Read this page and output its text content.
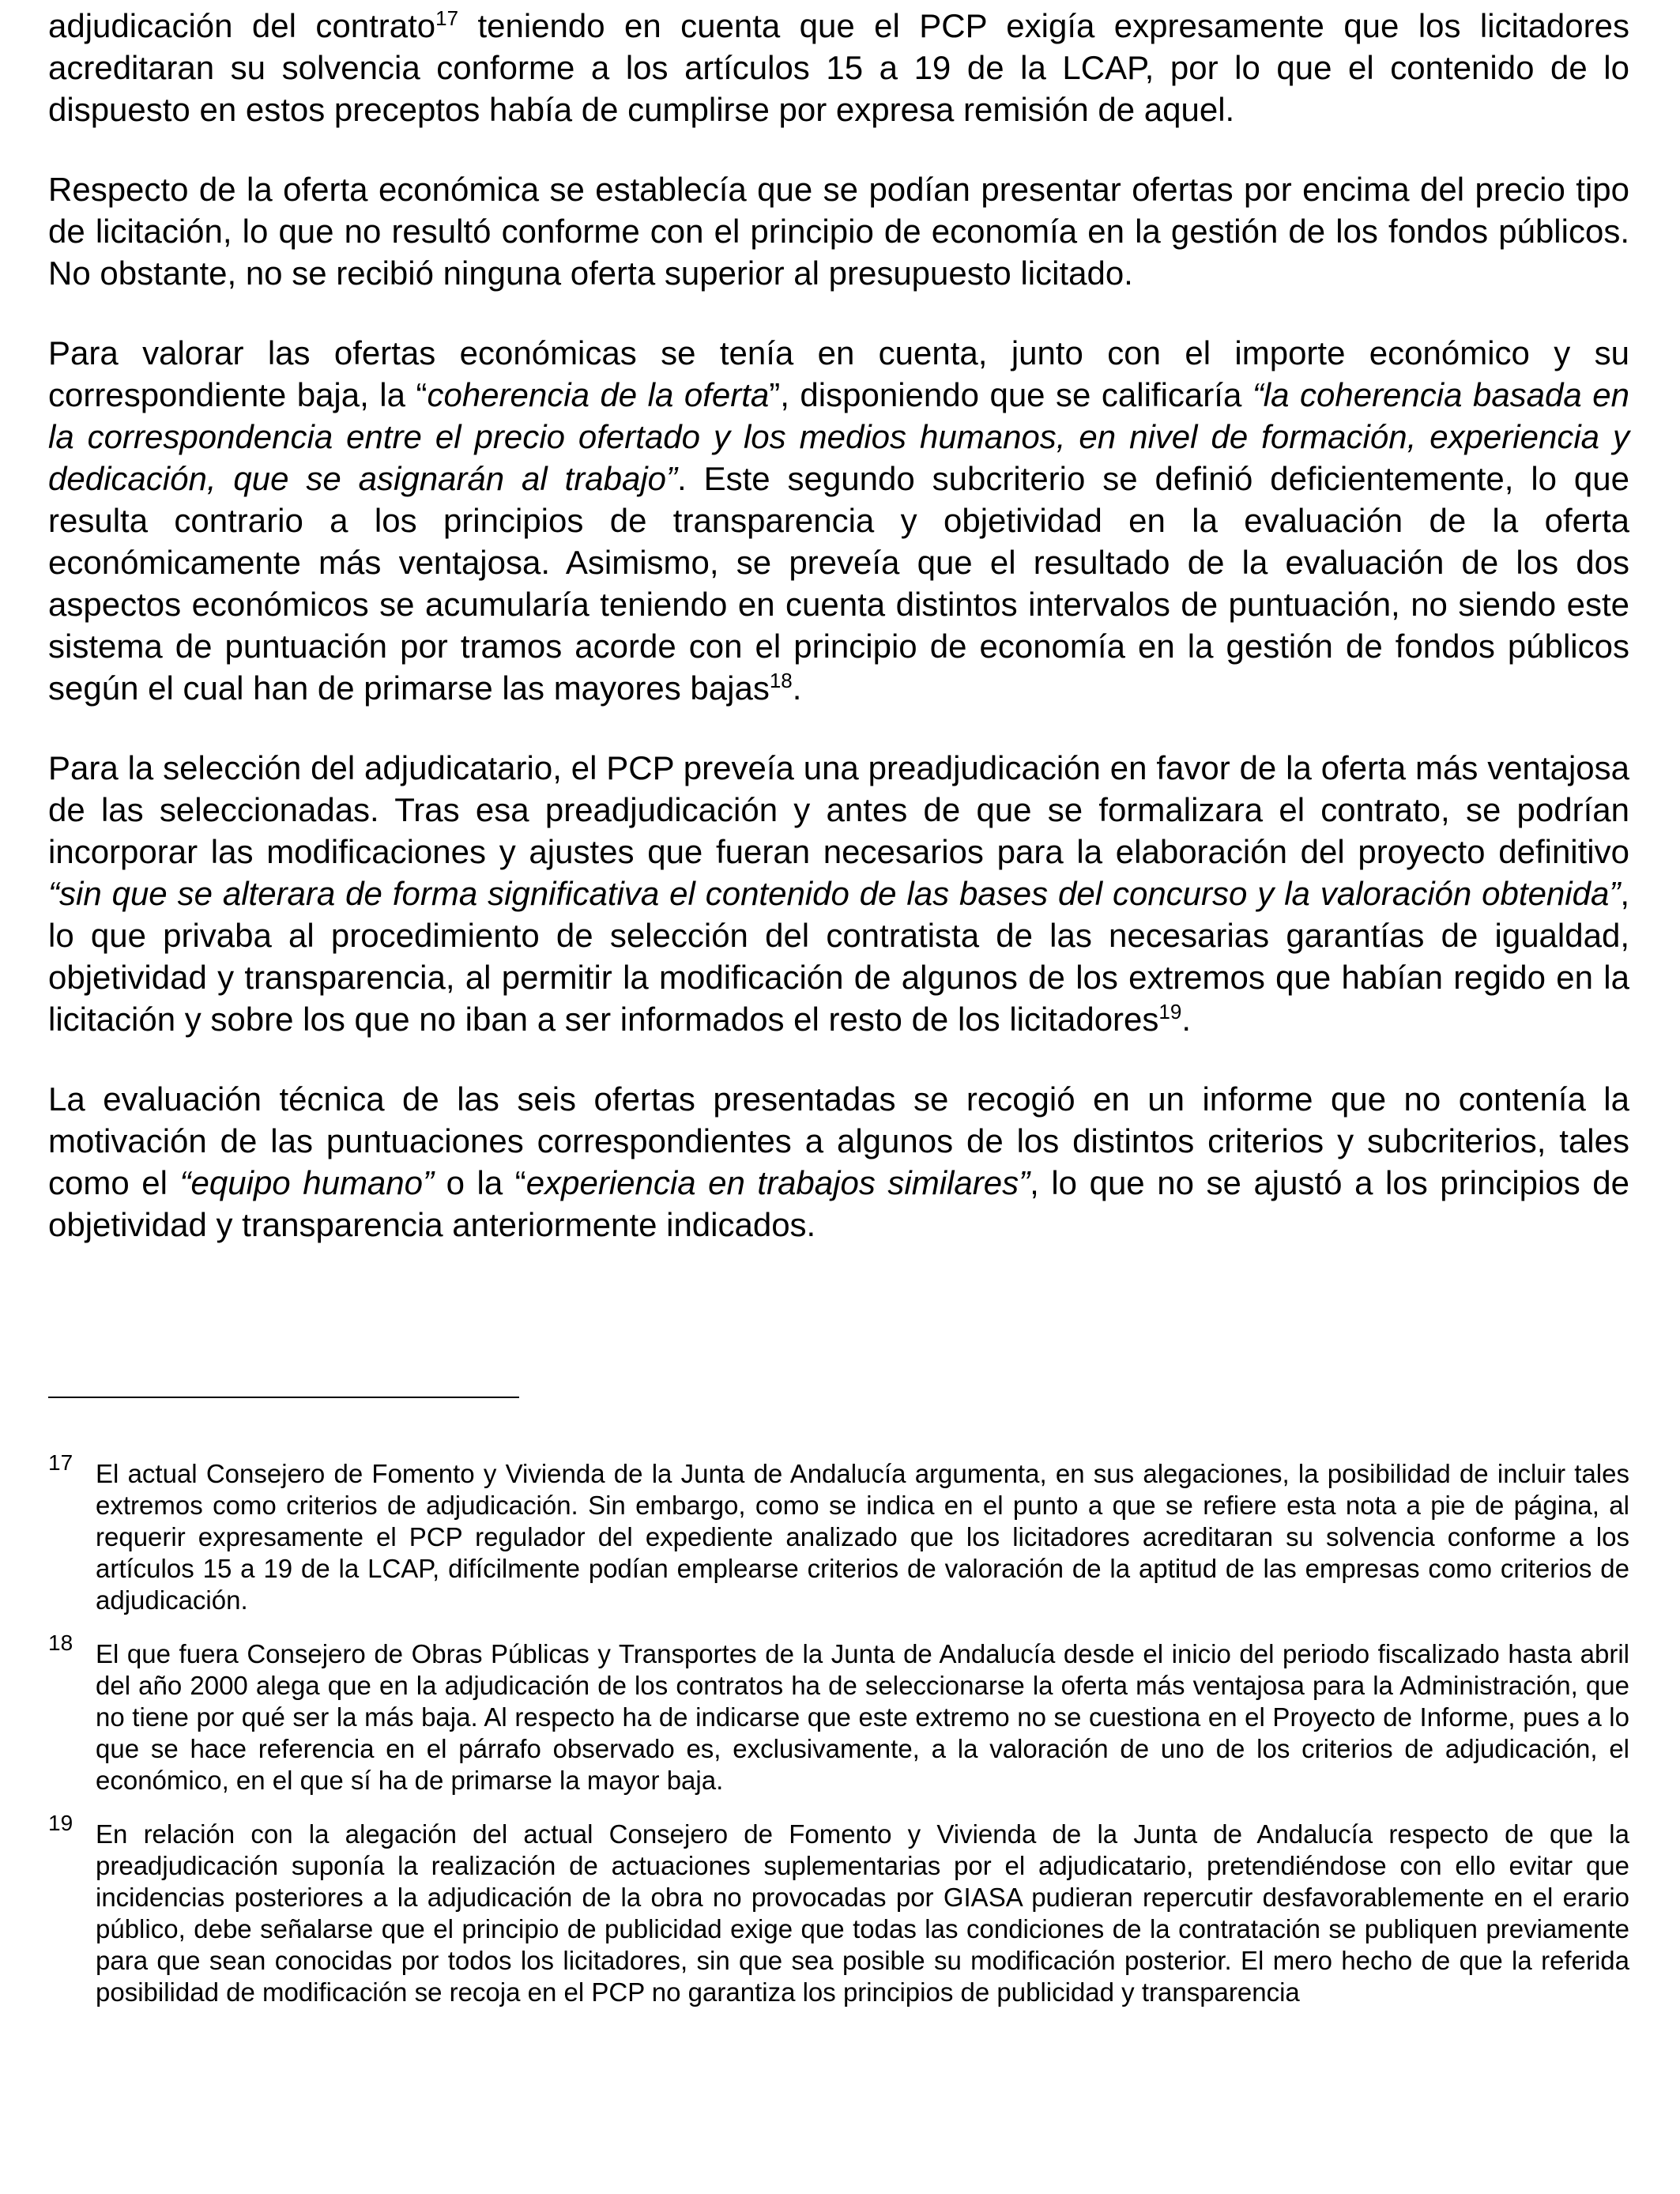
adjudicación del contrato$^{17}$ teniendo en cuenta que el PCP exigía expresamente que los licitadores acreditaran su solvencia conforme a los artículos 15 a 19 de la LCAP, por lo que el contenido de lo dispuesto en estos preceptos había de cumplirse por expresa remisión de aquel.

Respecto de la oferta económica se establecía que se podían presentar ofertas por encima del precio tipo de licitación, lo que no resultó conforme con el principio de economía en la gestión de los fondos públicos. No obstante, no se recibió ninguna oferta superior al presupuesto licitado.

Para valorar las ofertas económicas se tenía en cuenta, junto con el importe económico y su correspondiente baja, la “coherencia de la oferta”, disponiendo que se calificaría “la coherencia basada en la correspondencia entre el precio ofertado y los medios humanos, en nivel de formación, experiencia y dedicación, que se asignarán al trabajo”. Este segundo subcriterio se definió deficientemente, lo que resulta contrario a los principios de transparencia y objetividad en la evaluación de la oferta económicamente más ventajosa. Asimismo, se preveía que el resultado de la evaluación de los dos aspectos económicos se acumularía teniendo en cuenta distintos intervalos de puntuación, no siendo este sistema de puntuación por tramos acorde con el principio de economía en la gestión de fondos públicos según el cual han de primarse las mayores bajas$^{18}$.

Para la selección del adjudicatario, el PCP preveía una preadjudicación en favor de la oferta más ventajosa de las seleccionadas. Tras esa preadjudicación y antes de que se formalizara el contrato, se podrían incorporar las modificaciones y ajustes que fueran necesarios para la elaboración del proyecto definitivo “sin que se alterara de forma significativa el contenido de las bases del concurso y la valoración obtenida”, lo que privaba al procedimiento de selección del contratista de las necesarias garantías de igualdad, objetividad y transparencia, al permitir la modificación de algunos de los extremos que habían regido en la licitación y sobre los que no iban a ser informados el resto de los licitadores$^{19}$.

La evaluación técnica de las seis ofertas presentadas se recogió en un informe que no contenía la motivación de las puntuaciones correspondientes a algunos de los distintos criterios y subcriterios, tales como el “equipo humano” o la “experiencia en trabajos similares”, lo que no se ajustó a los principios de objetividad y transparencia anteriormente indicados.

17 El actual Consejero de Fomento y Vivienda de la Junta de Andalucía argumenta, en sus alegaciones, la posibilidad de incluir tales extremos como criterios de adjudicación. Sin embargo, como se indica en el punto a que se refiere esta nota a pie de página, al requerir expresamente el PCP regulador del expediente analizado que los licitadores acreditaran su solvencia conforme a los artículos 15 a 19 de la LCAP, difícilmente podían emplearse criterios de valoración de la aptitud de las empresas como criterios de adjudicación.

18 El que fuera Consejero de Obras Públicas y Transportes de la Junta de Andalucía desde el inicio del periodo fiscalizado hasta abril del año 2000 alega que en la adjudicación de los contratos ha de seleccionarse la oferta más ventajosa para la Administración, que no tiene por qué ser la más baja. Al respecto ha de indicarse que este extremo no se cuestiona en el Proyecto de Informe, pues a lo que se hace referencia en el párrafo observado es, exclusivamente, a la valoración de uno de los criterios de adjudicación, el económico, en el que sí ha de primarse la mayor baja.

19 En relación con la alegación del actual Consejero de Fomento y Vivienda de la Junta de Andalucía respecto de que la preadjudicación suponía la realización de actuaciones suplementarias por el adjudicatario, pretendiéndose con ello evitar que incidencias posteriores a la adjudicación de la obra no provocadas por GIASA pudieran repercutir desfavorablemente en el erario público, debe señalarse que el principio de publicidad exige que todas las condiciones de la contratación se publiquen previamente para que sean conocidas por todos los licitadores, sin que sea posible su modificación posterior. El mero hecho de que la referida posibilidad de modificación se recoja en el PCP no garantiza los principios de publicidad y transparencia
